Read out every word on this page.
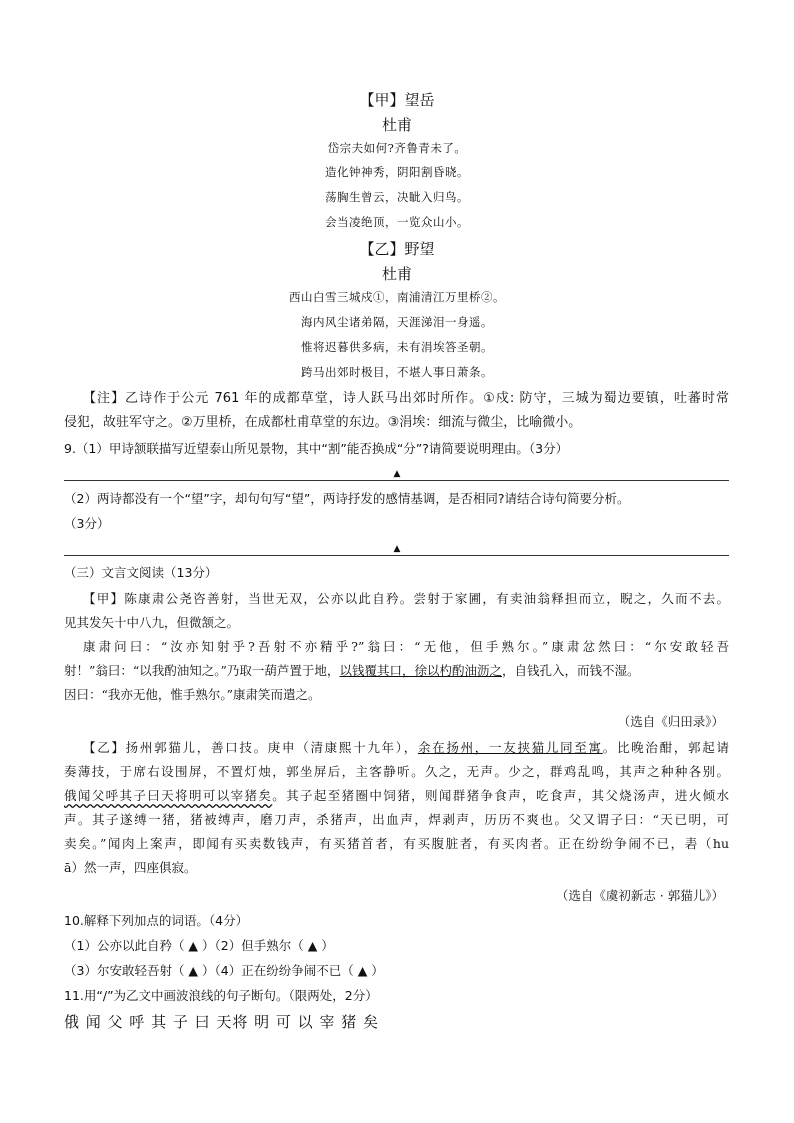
【甲】望岳
杜甫
岱宗夫如何?齐鲁青未了。
造化钟神秀，阴阳割昏晓。
荡胸生曾云，决眦入归鸟。
会当凌绝顶，一览众山小。
【乙】野望
杜甫
西山白雪三城戍①，南浦清江万里桥②。
海内风尘诸弟隔，天涯涕泪一身遥。
惟将迟暮供多病，未有涓埃答圣朝。
跨马出郊时极目，不堪人事日萧条。
【注】乙诗作于公元 761 年的成都草堂，诗人跃马出郊时所作。①戍: 防守，三城为蜀边要镇，吐蕃时常
侵犯，故驻军守之。②万里桥，在成都杜甫草堂的东边。③涓埃：细流与微尘，比喻微小。
9.（1）甲诗颔联描写近望泰山所见景物，其中“割”能否换成“分”?请简要说明理由。（3分）
▲
（2）两诗都没有一个“望”字，却句句写“望”，两诗抒发的感情基调，是否相同?请结合诗句简要分析。
（3分）
▲
（三）文言文阅读（13分）
【甲】陈康肃公尧咨善射，当世无双，公亦以此自矜。尝射于家圃，有卖油翁释担而立，睨之，久而不去。
见其发矢十中八九，但微颔之。
康肃问曰：“汝亦知射乎?吾射不亦精乎?”翁曰：“无他，但手熟尔。”康肃忿然曰：“尔安敢轻吾
射！”翁曰：“以我酌油知之。”乃取一葫芦置于地，以钱覆其口，徐以杓酌油沥之，自钱孔入，而钱不湿。
因曰：“我亦无他，惟手熟尔。”康肃笑而遣之。
（选自《归田录》）
【乙】扬州郭猫儿，善口技。庚申（清康熙十九年），余在扬州，一友挟猫儿同至寓。比晚治酣，郭起请
奏薄技，于席右设围屏，不置灯烛，郭坐屏后，主客静听。久之，无声。少之，群鸡乱鸣，其声之种种各别。
俄闻父呼其子曰天将明可以宰猪矣。其子起至猪圈中饲猪，则闻群猪争食声，吃食声，其父烧汤声，进火倾水
声。其子遂缚一猪，猪被缚声，磨刀声，杀猪声，出血声，焊剥声，历历不爽也。父又谓子曰：“天已明，可
卖矣。”闻肉上案声，即闻有买卖数钱声，有买猪首者，有买腹脏者，有买肉者。正在纷纷争闹不已，砉（hu
ā）然一声，四座俱寂。
（选自《虞初新志 · 郭猫儿》）
10.解释下列加点的词语。（4分）
（1）公亦以此自矜（ ▲ ）（2）但手熟尔（ ▲ ）
（3）尔安敢轻吾射（ ▲ ）（4）正在纷纷争闹不已（ ▲ ）
11.用“/”为乙文中画波浪线的句子断句。（限两处，2分）
俄 闻 父 呼 其 子 曰 天将 明 可 以 宰 猪 矣
